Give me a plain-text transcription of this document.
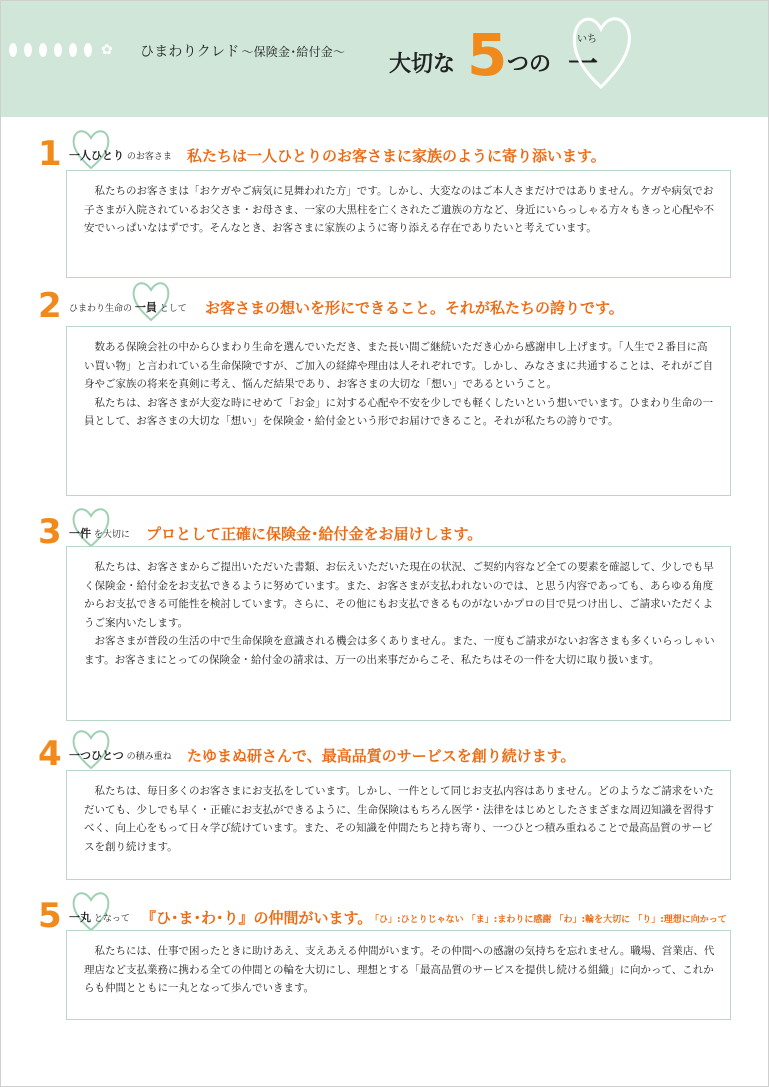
✿ ひまわりクレド ～保険金･給付金～ 大切な 5 つの
いち
一
1 一人ひとり のお客さま 私たちは一人ひとりのお客さまに家族のように寄り添います。

私たちのお客さまは「おケガやご病気に見舞われた方」です。しかし、大変なのはご本人さまだけではありません。ケガや病気でお子さまが入院されているお父さま・お母さま、一家の大黒柱を亡くされたご遺族の方など、身近にいらっしゃる方々もきっと心配や不安でいっぱいなはずです。そんなとき、お客さまに家族のように寄り添える存在でありたいと考えています。

2 ひまわり生命の 一員 として お客さまの想いを形にできること。それが私たちの誇りです。

数ある保険会社の中からひまわり生命を選んでいただき、また長い間ご継続いただき心から感謝申し上げます。「人生で２番目に高い買い物」と言われている生命保険ですが、ご加入の経緯や理由は人それぞれです。しかし、みなさまに共通することは、それがご自身やご家族の将来を真剣に考え、悩んだ結果であり、お客さまの大切な「想い」であるということ。

私たちは、お客さまが大変な時にせめて「お金」に対する心配や不安を少しでも軽くしたいという想いでいます。ひまわり生命の一員として、お客さまの大切な「想い」を保険金・給付金という形でお届けできること。それが私たちの誇りです。

3 一件 を大切に プロとして正確に保険金･給付金をお届けします。

私たちは、お客さまからご提出いただいた書類、お伝えいただいた現在の状況、ご契約内容など全ての要素を確認して、少しでも早く保険金・給付金をお支払できるように努めています。また、お客さまが支払われないのでは、と思う内容であっても、あらゆる角度からお支払できる可能性を検討しています。さらに、その他にもお支払できるものがないかプロの目で見つけ出し、ご請求いただくようご案内いたします。

お客さまが普段の生活の中で生命保険を意識される機会は多くありません。また、一度もご請求がないお客さまも多くいらっしゃいます。お客さまにとっての保険金・給付金の請求は、万一の出来事だからこそ、私たちはその一件を大切に取り扱います。

4 一つひとつ の積み重ね たゆまぬ研さんで、最高品質のサービスを創り続けます。

私たちは、毎日多くのお客さまにお支払をしています。しかし、一件として同じお支払内容はありません。どのようなご請求をいただいても、少しでも早く・正確にお支払ができるように、生命保険はもちろん医学・法律をはじめとしたさまざまな周辺知識を習得すべく、向上心をもって日々学び続けています。また、その知識を仲間たちと持ち寄り、一つひとつ積み重ねることで最高品質のサービスを創り続けます。

5 一丸 となって 『ひ･ま･わ･り』の仲間がいます。
「ひ」:ひとりじゃない 「ま」:まわりに感謝 「わ」:輪を大切に 「り」:理想に向かって

私たちには、仕事で困ったときに助けあえ、支えあえる仲間がいます。その仲間への感謝の気持ちを忘れません。職場、営業店、代理店など支払業務に携わる全ての仲間との輪を大切にし、理想とする「最高品質のサービスを提供し続ける組織」に向かって、これからも仲間とともに一丸となって歩んでいきます。
